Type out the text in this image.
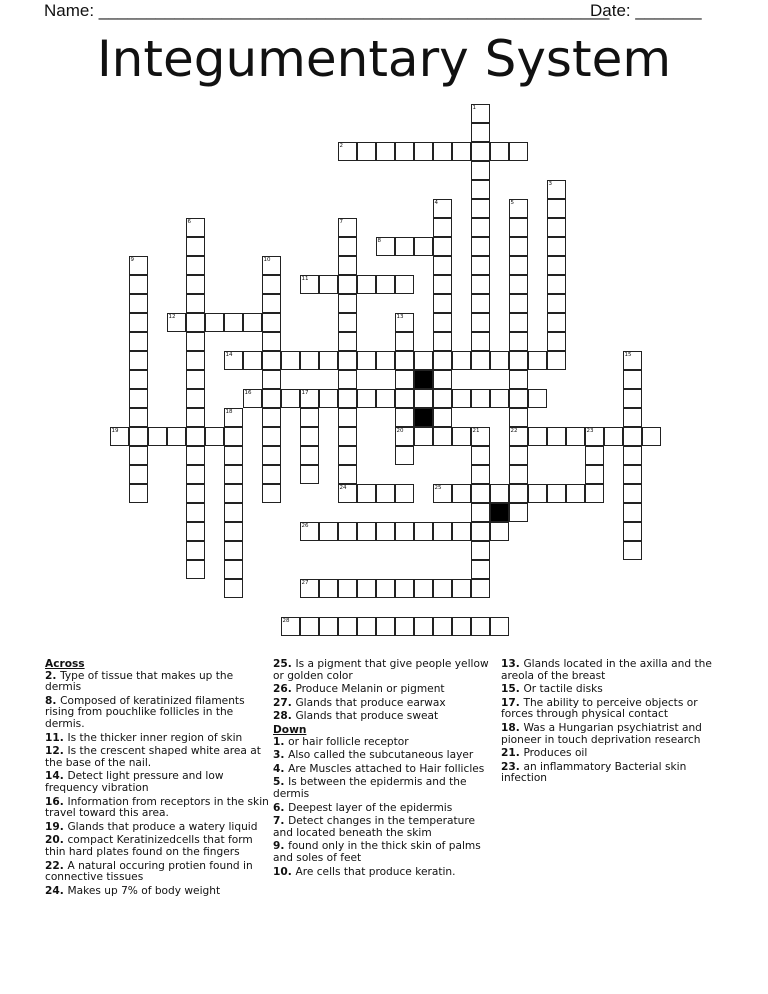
Name: ______________________________________________________
Date: _______
Integumentary System
1
2
3
4	5
22
6	7
24
8
9	10
11
12	13
20
14	15
16	17
18
19	21	23
25
26
27
28
Across
2 . Type of tissue that makes up the dermis
8 . Composed of keratinized filaments rising from pouchlike follicles in the dermis.
11 . Is the thicker inner region of skin
12 . Is the crescent shaped white area at the base of the nail.
14 . Detect light pressure and low frequency vibration
16 . Information from receptors in the skin travel toward this area.
19 . Glands that produce a watery liquid
20 . compact Keratinizedcells that form thin hard plates found on the fingers
22 . A natural occuring protien found in connective tissues
24 . Makes up 7% of body weight
25 . Is a pigment that give people yellow or golden color
26 . Produce Melanin or pigment
27 . Glands that produce earwax
28 . Glands that produce sweat
Down
1 . or hair follicle receptor
3 . Also called the subcutaneous layer
4 . Are Muscles attached to Hair follicles
5 . Is between the epidermis and the dermis
6 . Deepest layer of the epidermis
7 . Detect changes in the temperature and located beneath the skim
9 . found only in the thick skin of palms and soles of feet
10 . Are cells that produce keratin.
13 . Glands located in the axilla and the areola of the breast
15 . Or tactile disks
17 . The ability to perceive objects or forces through physical contact
18 . Was a Hungarian psychiatrist and pioneer in touch deprivation research
21 . Produces oil
23 . an inflammatory Bacterial skin infection
